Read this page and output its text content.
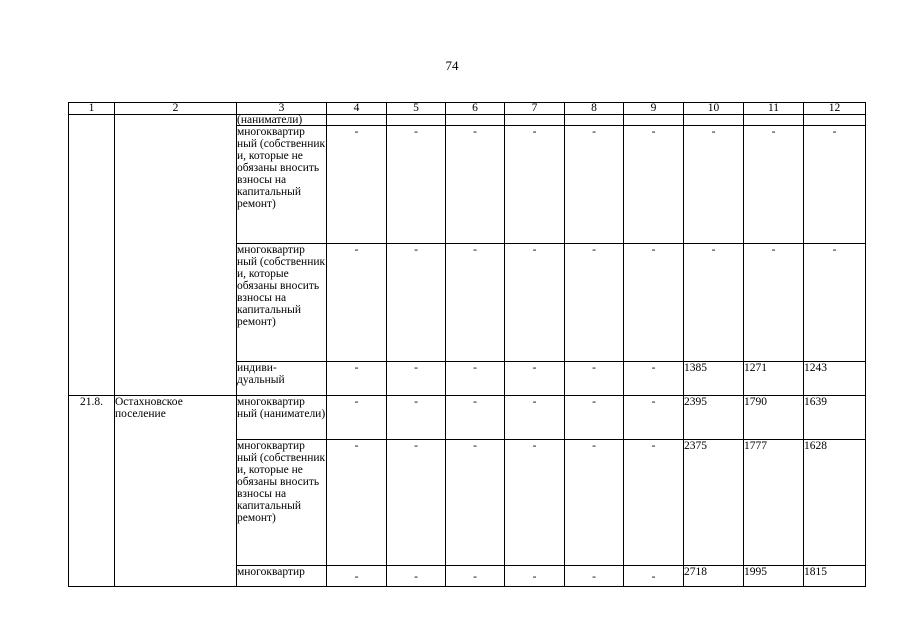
74
1	2	3	4	5	6	7	8	9	10	11	12
		(наниматели)									
		многоквартир ный (собственник и, которые не обязаны вносить взносы на капитальный ремонт)	-	-	-	-	-	-	-	-	-
		многоквартир ный (собственник и, которые обязаны вносить взносы на капитальный ремонт)	-	-	-	-	-	-	-	-	-
		индиви- дуальный	-	-	-	-	-	-	1385	1271	1243
21.8.	Остахновское поселение	многоквартир ный (наниматели)	-	-	-	-	-	-	2395	1790	1639
		многоквартир ный (собственник и, которые не обязаны вносить взносы на капитальный ремонт)	-	-	-	-	-	-	2375	1777	1628
		многоквартир	-	-	-	-	-	-	2718	1995	1815
